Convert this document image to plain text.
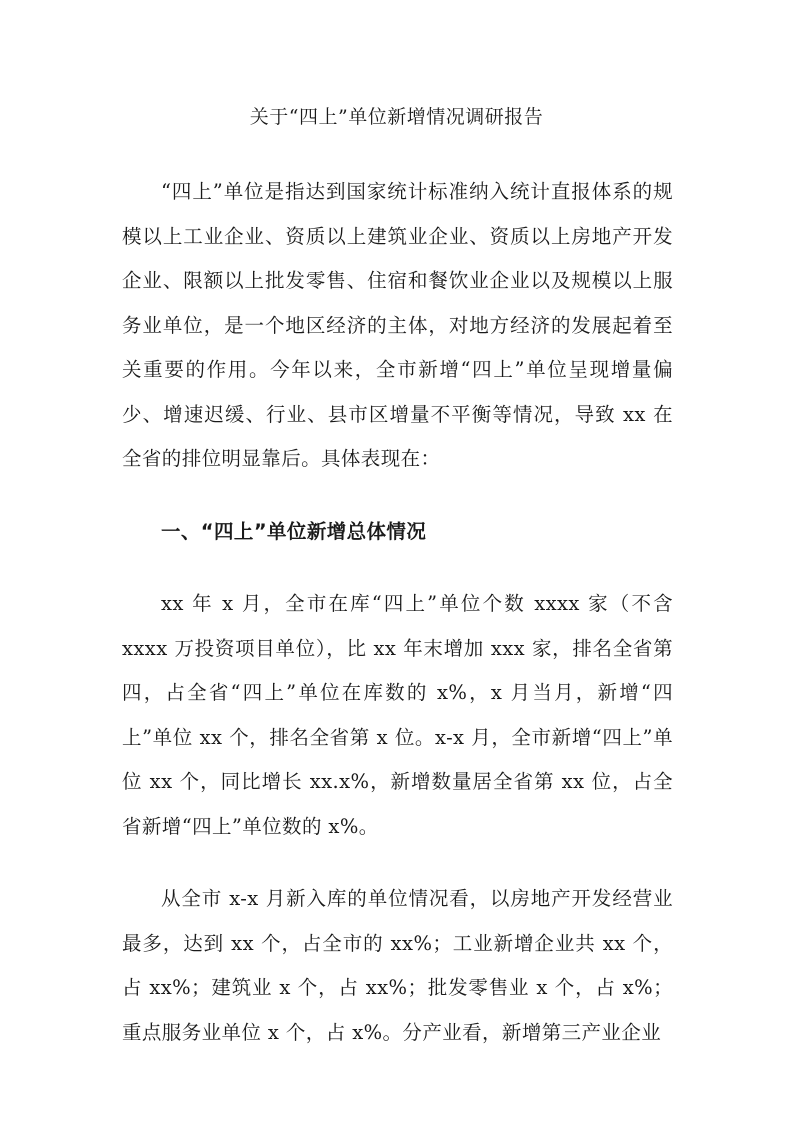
关于“四上”单位新增情况调研报告

“四上”单位是指达到国家统计标准纳入统计直报体系的规模以上工业企业、资质以上建筑业企业、资质以上房地产开发企业、限额以上批发零售、住宿和餐饮业企业以及规模以上服务业单位，是一个地区经济的主体，对地方经济的发展起着至关重要的作用。今年以来，全市新增“四上”单位呈现增量偏少、增速迟缓、行业、县市区增量不平衡等情况，导致 xx 在全省的排位明显靠后。具体表现在：

一、“四上”单位新增总体情况

xx 年 x 月，全市在库“四上”单位个数 xxxx 家（不含 xxxx 万投资项目单位），比 xx 年末增加 xxx 家，排名全省第四，占全省“四上”单位在库数的 x%，x 月当月，新增“四上”单位 xx 个，排名全省第 x 位。x-x 月，全市新增“四上”单位 xx 个，同比增长 xx.x%，新增数量居全省第 xx 位，占全省新增“四上”单位数的 x%。

从全市 x-x 月新入库的单位情况看，以房地产开发经营业最多，达到 xx 个，占全市的 xx%；工业新增企业共 xx 个，占 xx%；建筑业 x 个，占 xx%；批发零售业 x 个，占 x%；重点服务业单位 x 个，占 x%。分产业看，新增第三产业企业
